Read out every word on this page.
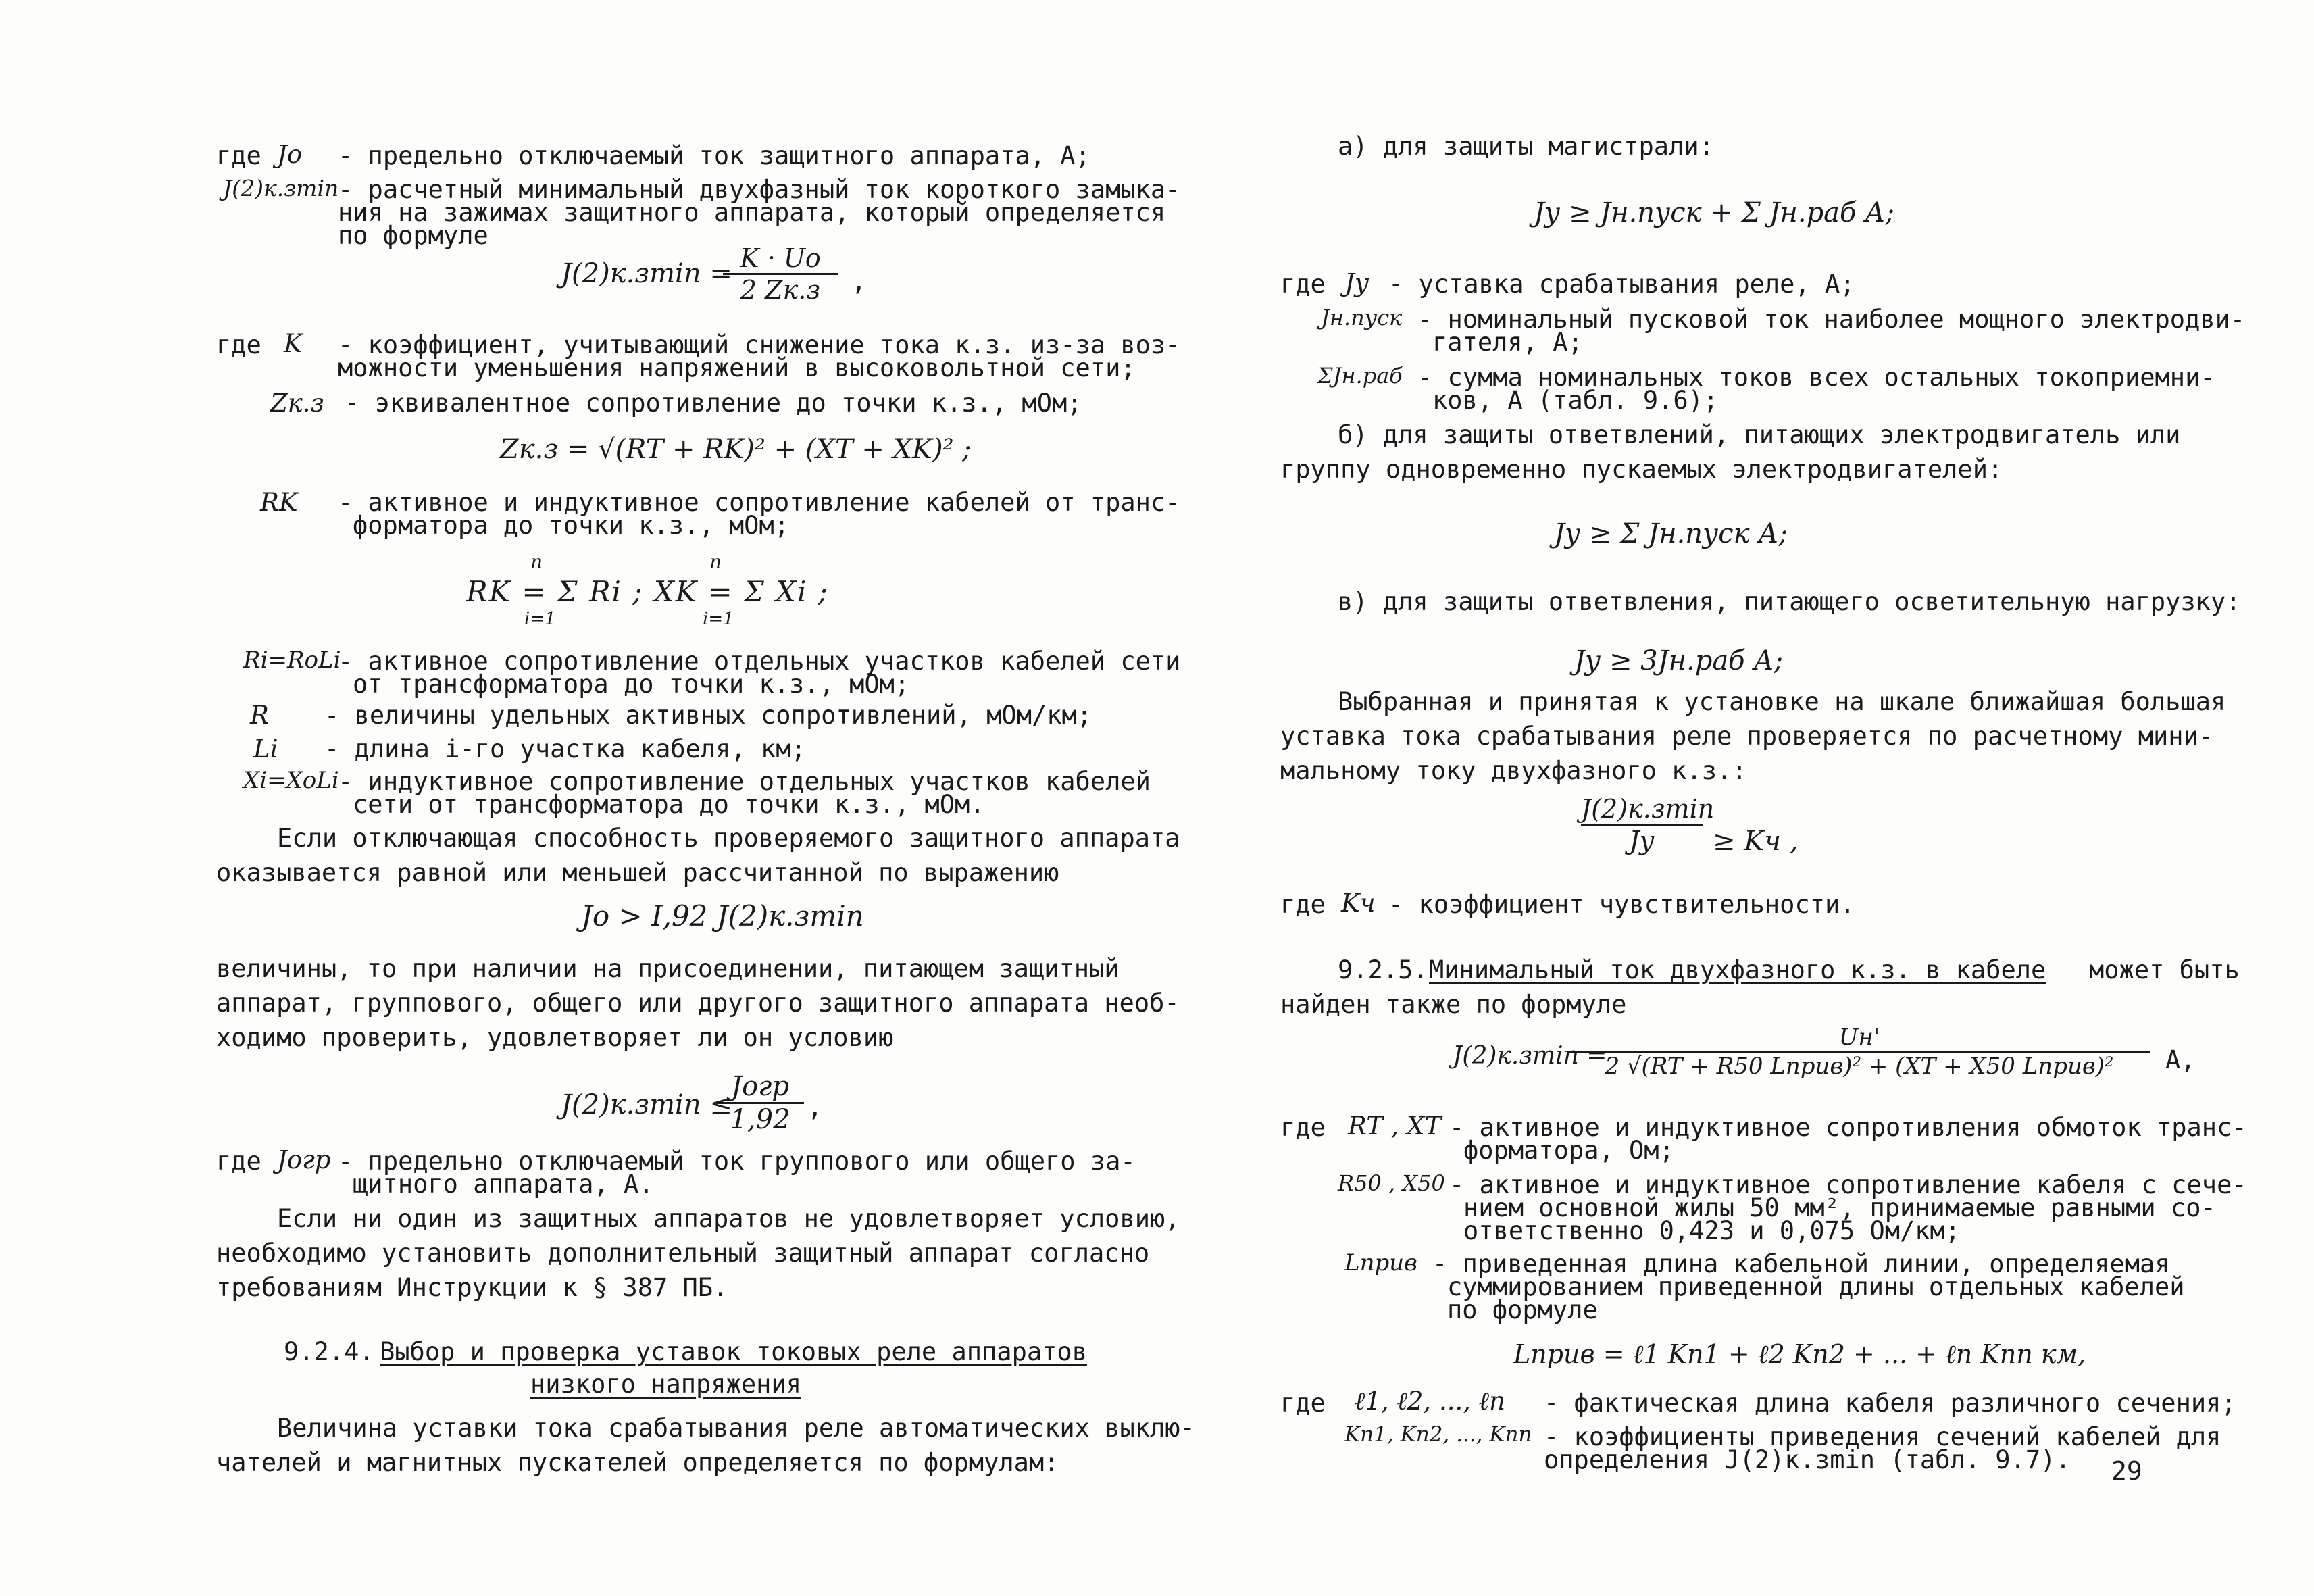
где Jo - предельно отключаемый ток защитного аппарата, А;
J(2)к.зmin
- расчетный минимальный двухфазный ток короткого замыка-
ния на зажимах защитного аппарата, который определяется
по формуле
J(2)к.зmin = K · Uo
2 Zк.з	,
где K - коэффициент, учитывающий снижение тока к.з. из-за воз-
можности уменьшения напряжений в высоковольтной сети;
Zк.з - эквивалентное сопротивление до точки к.з., мОм;
Zк.з = √(RT + RK)² + (XT + XK)² ;
RK - активное и индуктивное сопротивление кабелей от транс-
форматора до точки к.з., мОм;
n	n
RK = Σ Ri ; XK = Σ Xi ;
i=1	i=1
Ri=RoLi
- активное сопротивление отдельных участков кабелей сети
от трансформатора до точки к.з., мОм;
R - величины удельных активных сопротивлений, мОм/км;
Li - длина i-го участка кабеля, км;
Xi=XoLi
- индуктивное сопротивление отдельных участков кабелей
сети от трансформатора до точки к.з., мОм.
Если отключающая способность проверяемого защитного аппарата
оказывается равной или меньшей рассчитанной по выражению
Jo > I,92 J(2)к.зmin
величины, то при наличии на присоединении, питающем защитный
аппарат, группового, общего или другого защитного аппарата необ-
ходимо проверить, удовлетворяет ли он условию
J(2)к.зmin ≤
Joгр
1,92 ,
где Joгр - предельно отключаемый ток группового или общего за-
щитного аппарата, А.
Если ни один из защитных аппаратов не удовлетворяет условию,
необходимо установить дополнительный защитный аппарат согласно
требованиям Инструкции к § 387 ПБ.
9.2.4. Выбор и проверка уставок токовых реле аппаратов
низкого напряжения
Величина уставки тока срабатывания реле автоматических выклю-
чателей и магнитных пускателей определяется по формулам:
а) для защиты магистрали:
Jу ≥ Jн.пуск + Σ Jн.раб А;
где Jу - уставка срабатывания реле, А;
Jн.пуск - номинальный пусковой ток наиболее мощного электродви-
гателя, А;
ΣJн.раб - сумма номинальных токов всех остальных токоприемни-
ков, А (табл. 9.6);
б) для защиты ответвлений, питающих электродвигатель или
группу одновременно пускаемых электродвигателей:
Jу ≥ Σ Jн.пуск А;
в) для защиты ответвления, питающего осветительную нагрузку:
Jу ≥ 3Jн.раб А;
Выбранная и принятая к установке на шкале ближайшая большая
уставка тока срабатывания реле проверяется по расчетному мини-
мальному току двухфазного к.з.:
J(2)к.зmin
Jу	≥ Kч ,
где Kч - коэффициент чувствительности.
9.2.5. Минимальный ток двухфазного к.з. в кабеле может быть
найден также по формуле
J(2)к.зmin =
Uн'
2 √(RT + R50 Lприв)² + (XT + X50 Lприв)²	А,
где RT , XT - активное и индуктивное сопротивления обмоток транс-
форматора, Ом;
R50 , X50 - активное и индуктивное сопротивление кабеля с сече-
нием основной жилы 50 мм², принимаемые равными со-
ответственно 0,423 и 0,075 Ом/км;
Lприв - приведенная длина кабельной линии, определяемая
суммированием приведенной длины отдельных кабелей
по формуле
Lприв = ℓ1 Kп1 + ℓ2 Kп2 + ... + ℓn Kпn км,
где ℓ1, ℓ2, ..., ℓn - фактическая длина кабеля различного сечения;
Kп1, Kп2, ..., Kпn - коэффициенты приведения сечений кабелей для
определения J(2)к.зmin (табл. 9.7). 29
